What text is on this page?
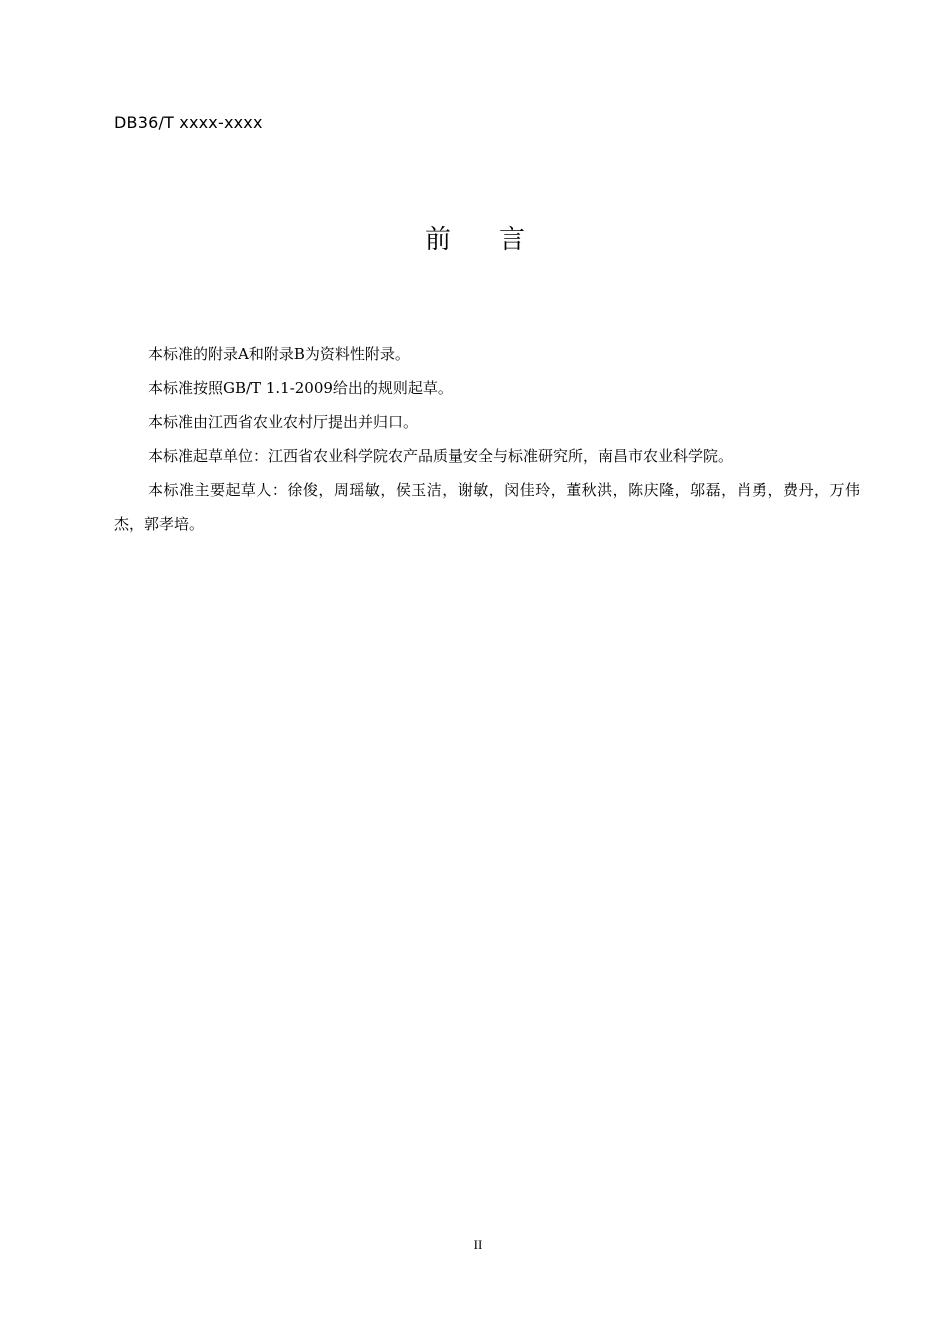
DB36/T xxxx-xxxx
前 言

本标准的附录A和附录B为资料性附录。

本标准按照GB/T 1.1-2009给出的规则起草。

本标准由江西省农业农村厅提出并归口。

本标准起草单位：江西省农业科学院农产品质量安全与标准研究所，南昌市农业科学院。

本标准主要起草人：徐俊，周瑶敏，侯玉洁，谢敏，闵佳玲，董秋洪，陈庆隆，邬磊，肖勇，费丹，万伟杰，郭孝培。

II
